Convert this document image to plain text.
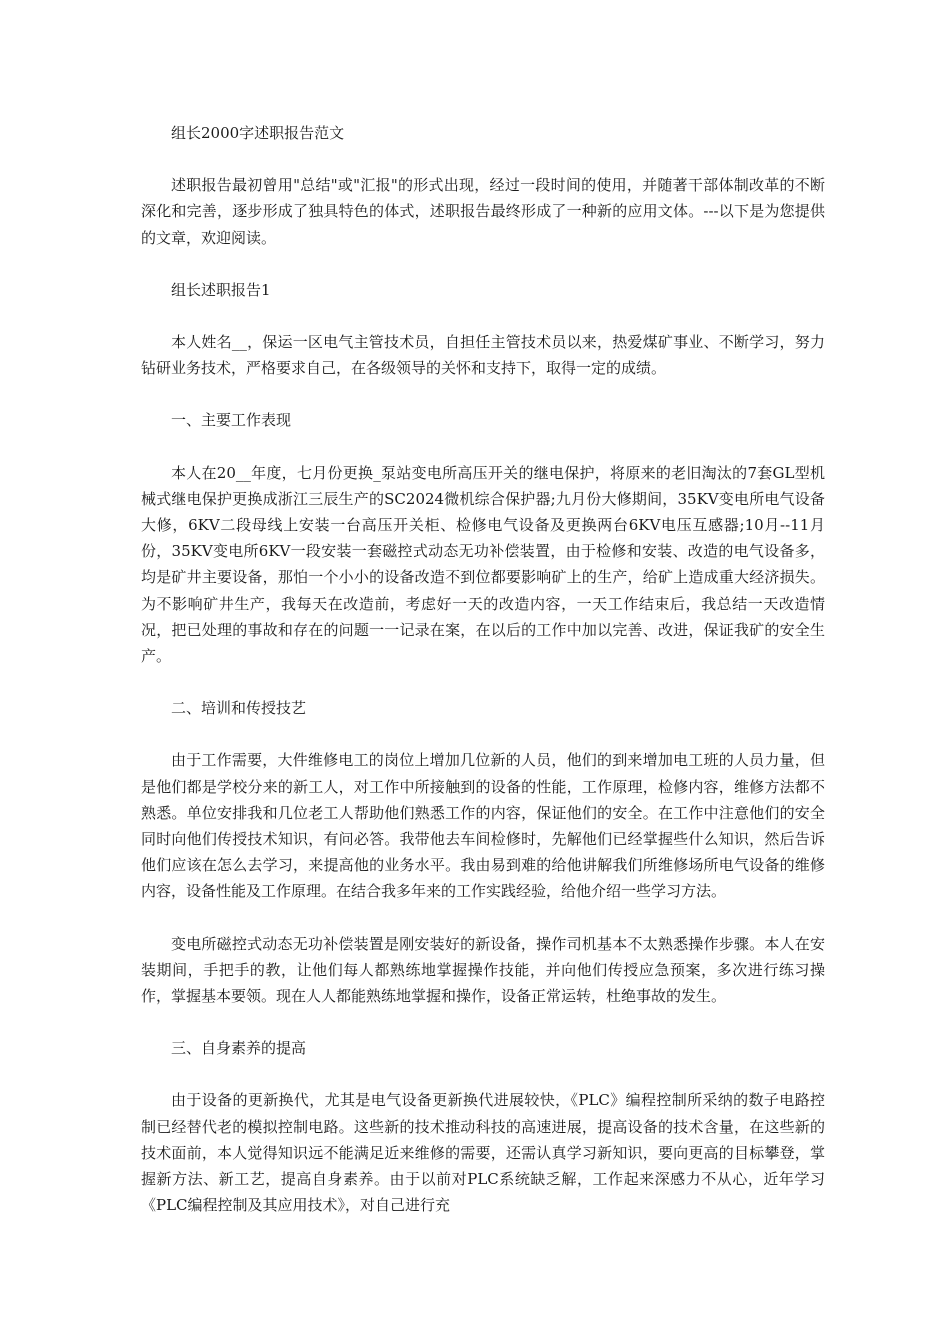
组长2000字述职报告范文

述职报告最初曾用"总结"或"汇报"的形式出现，经过一段时间的使用，并随著干部体制改革的不断深化和完善，逐步形成了独具特色的体式，述职报告最终形成了一种新的应用文体。---以下是为您提供的文章，欢迎阅读。

组长述职报告1

本人姓名__，保运一区电气主管技术员，自担任主管技术员以来，热爱煤矿事业、不断学习，努力钻研业务技术，严格要求自己，在各级领导的关怀和支持下，取得一定的成绩。

一、主要工作表现

本人在20__年度，七月份更换_泵站变电所高压开关的继电保护，将原来的老旧淘汰的7套GL型机械式继电保护更换成浙江三辰生产的SC2024微机综合保护器;九月份大修期间，35KV变电所电气设备大修，6KV二段母线上安装一台高压开关柜、检修电气设备及更换两台6KV电压互感器;10月--11月份，35KV变电所6KV一段安装一套磁控式动态无功补偿装置，由于检修和安装、改造的电气设备多，均是矿井主要设备，那怕一个小小的设备改造不到位都要影响矿上的生产，给矿上造成重大经济损失。为不影响矿井生产，我每天在改造前，考虑好一天的改造内容，一天工作结束后，我总结一天改造情况，把已处理的事故和存在的问题一一记录在案，在以后的工作中加以完善、改进，保证我矿的安全生产。

二、培训和传授技艺

由于工作需要，大件维修电工的岗位上增加几位新的人员，他们的到来增加电工班的人员力量，但是他们都是学校分来的新工人，对工作中所接触到的设备的性能，工作原理，检修内容，维修方法都不熟悉。单位安排我和几位老工人帮助他们熟悉工作的内容，保证他们的安全。在工作中注意他们的安全同时向他们传授技术知识，有问必答。我带他去车间检修时，先解他们已经掌握些什么知识，然后告诉他们应该在怎么去学习，来提高他的业务水平。我由易到难的给他讲解我们所维修场所电气设备的维修内容，设备性能及工作原理。在结合我多年来的工作实践经验，给他介绍一些学习方法。

变电所磁控式动态无功补偿装置是刚安装好的新设备，操作司机基本不太熟悉操作步骤。本人在安装期间，手把手的教，让他们每人都熟练地掌握操作技能，并向他们传授应急预案，多次进行练习操作，掌握基本要领。现在人人都能熟练地掌握和操作，设备正常运转，杜绝事故的发生。

三、自身素养的提高

由于设备的更新换代，尤其是电气设备更新换代进展较快，《PLC》编程控制所采纳的数子电路控制已经替代老的模拟控制电路。这些新的技术推动科技的高速进展，提高设备的技术含量，在这些新的技术面前，本人觉得知识远不能满足近来维修的需要，还需认真学习新知识，要向更高的目标攀登，掌握新方法、新工艺，提高自身素养。由于以前对PLC系统缺乏解，工作起来深感力不从心，近年学习《PLC编程控制及其应用技术》，对自己进行充
